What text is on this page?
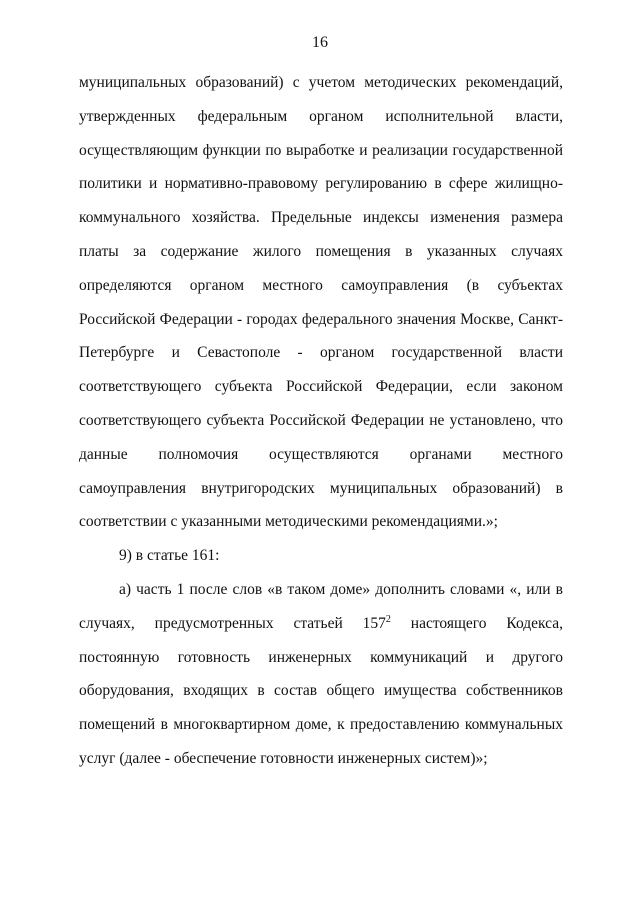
16

муниципальных образований) с учетом методических рекомендаций, утвержденных федеральным органом исполнительной власти, осуществляющим функции по выработке и реализации государственной политики и нормативно-правовому регулированию в сфере жилищно-коммунального хозяйства. Предельные индексы изменения размера платы за содержание жилого помещения в указанных случаях определяются органом местного самоуправления (в субъектах Российской Федерации - городах федерального значения Москве, Санкт-Петербурге и Севастополе - органом государственной власти соответствующего субъекта Российской Федерации, если законом соответствующего субъекта Российской Федерации не установлено, что данные полномочия осуществляются органами местного самоуправления внутригородских муниципальных образований) в соответствии с указанными методическими рекомендациями.»;

9) в статье 161:

а) часть 1 после слов «в таком доме» дополнить словами «, или в случаях, предусмотренных статьей $157^2$ настоящего Кодекса, постоянную готовность инженерных коммуникаций и другого оборудования, входящих в состав общего имущества собственников помещений в многоквартирном доме, к предоставлению коммунальных услуг (далее - обеспечение готовности инженерных систем)»;
